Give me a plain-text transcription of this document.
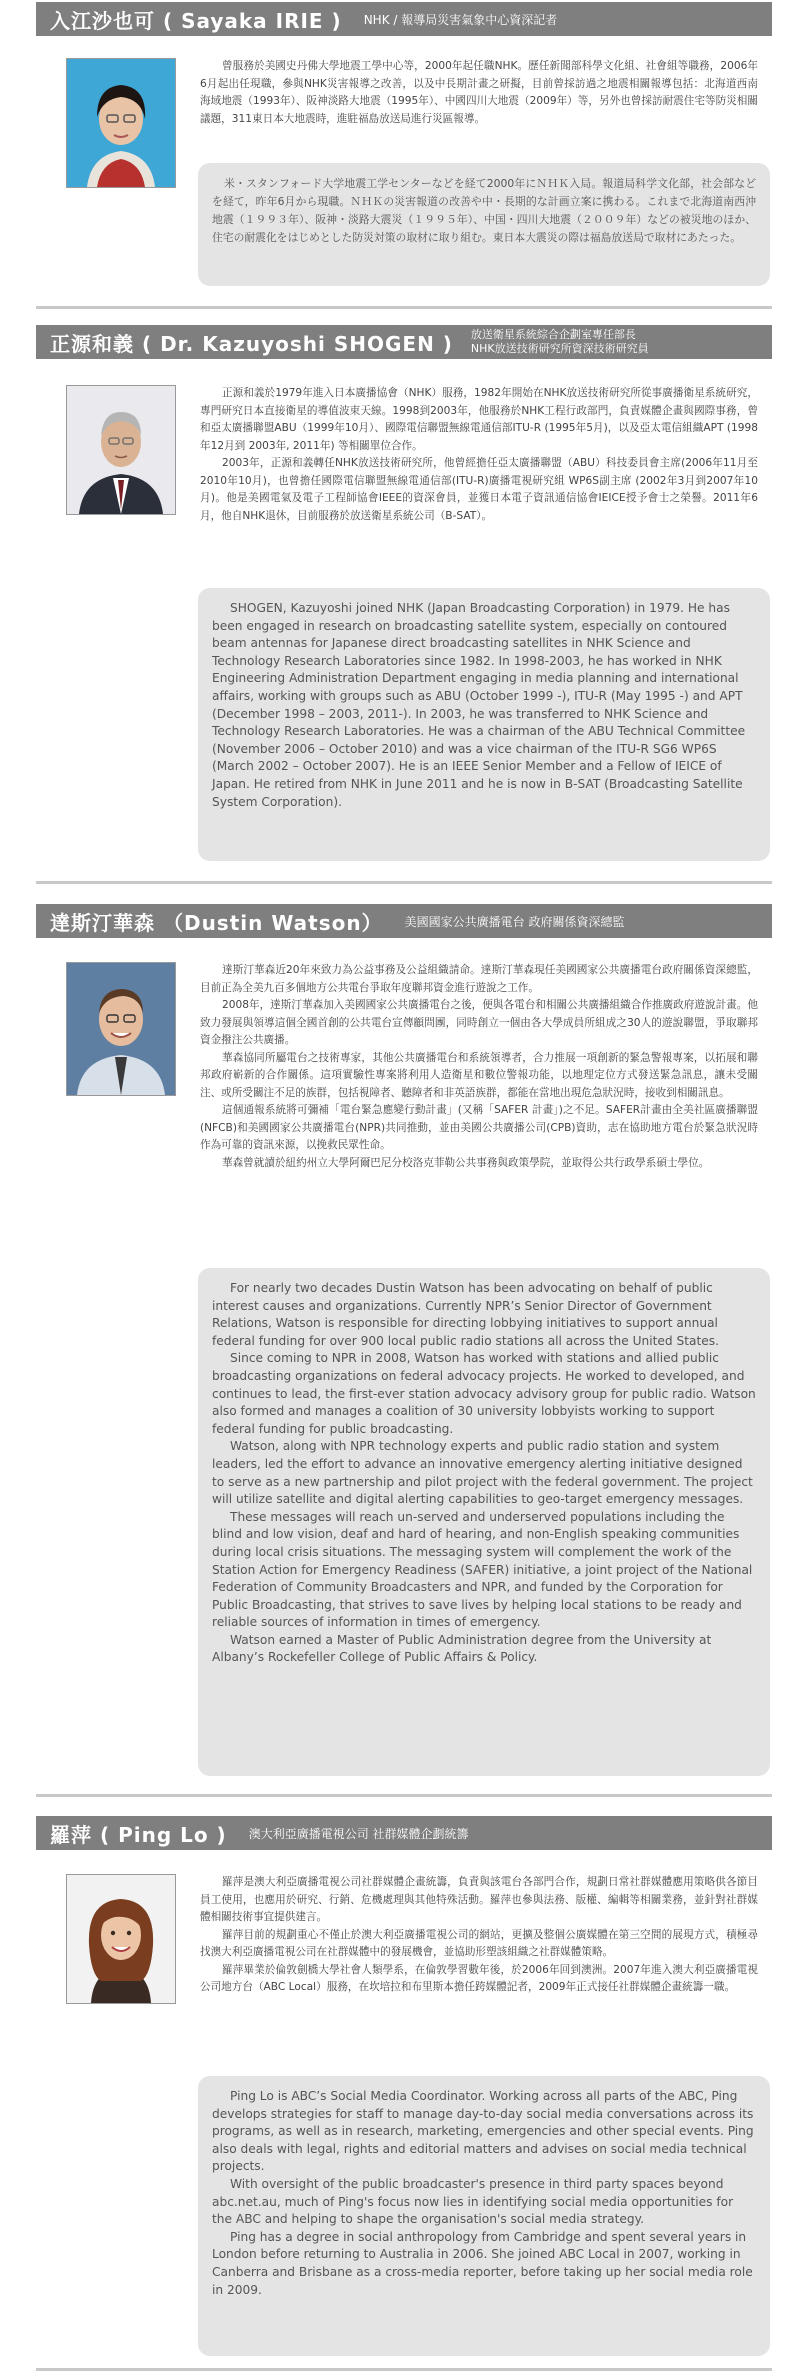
入江沙也可 ( Sayaka IRIE ) NHK / 報導局災害氣象中心資深記者

曾服務於美國史丹佛大學地震工學中心等，2000年起任職NHK。歷任新聞部科學文化組、社會組等職務，2006年6月起出任現職，參與NHK災害報導之改善，以及中長期計畫之研擬，目前曾採訪過之地震相關報導包括：北海道西南海域地震（1993年）、阪神淡路大地震（1995年）、中國四川大地震（2009年）等，另外也曾採訪耐震住宅等防災相關議題，311東日本大地震時，進駐福島放送局進行災區報導。

米・スタンフォード大学地震工学センターなどを経て2000年にＮＨＫ入局。報道局科学文化部，社会部などを経て，昨年6月から現職。ＮＨＫの災害報道の改善や中・長期的な計画立案に携わる。これまで北海道南西沖地震（１９９３年）、阪神・淡路大震災（１９９５年）、中国・四川大地震（２００９年）などの被災地のほか、住宅の耐震化をはじめとした防災対策の取材に取り組む。東日本大震災の際は福島放送局で取材にあたった。

正源和義 ( Dr. Kazuyoshi SHOGEN ) 放送衛星系統綜合企劃室專任部長
NHK放送技術研究所資深技術研究員

正源和義於1979年進入日本廣播協會（NHK）服務，1982年開始在NHK放送技術研究所從事廣播衛星系統研究，專門研究日本直接衛星的導值波束天線。1998到2003年，他服務於NHK工程行政部門，負責媒體企畫與國際事務，曾和亞太廣播聯盟ABU（1999年10月）、國際電信聯盟無線電通信部ITU-R (1995年5月)，以及亞太電信組織APT (1998年12月到 2003年, 2011年) 等相關單位合作。

2003年，正源和義轉任NHK放送技術研究所，他曾經擔任亞太廣播聯盟（ABU）科技委員會主席(2006年11月至2010年10月)，也曾擔任國際電信聯盟無線電通信部(ITU-R)廣播電視研究組 WP6S副主席 (2002年3月到2007年10月)。他是美國電氣及電子工程師協會IEEE的資深會員，並獲日本電子資訊通信協會IEICE授予會士之榮譽。2011年6月，他自NHK退休，目前服務於放送衛星系統公司（B-SAT）。

SHOGEN, Kazuyoshi joined NHK (Japan Broadcasting Corporation) in 1979. He has been engaged in research on broadcasting satellite system, especially on contoured beam antennas for Japanese direct broadcasting satellites in NHK Science and Technology Research Laboratories since 1982. In 1998-2003, he has worked in NHK Engineering Administration Department engaging in media planning and international affairs, working with groups such as ABU (October 1999 -), ITU-R (May 1995 -) and APT (December 1998 – 2003, 2011-). In 2003, he was transferred to NHK Science and Technology Research Laboratories. He was a chairman of the ABU Technical Committee (November 2006 – October 2010) and was a vice chairman of the ITU-R SG6 WP6S (March 2002 – October 2007). He is an IEEE Senior Member and a Fellow of IEICE of Japan. He retired from NHK in June 2011 and he is now in B-SAT (Broadcasting Satellite System Corporation).

達斯汀華森 （Dustin Watson） 美國國家公共廣播電台 政府關係資深總監

達斯汀華森近20年來致力為公益事務及公益組織請命。達斯汀華森現任美國國家公共廣播電台政府關係資深總監，目前正為全美九百多個地方公共電台爭取年度聯邦資金進行遊說之工作。

2008年，達斯汀華森加入美國國家公共廣播電台之後，便與各電台和相關公共廣播組織合作推廣政府遊說計畫。他致力發展與領導這個全國首創的公共電台宣傳顧問團，同時創立一個由各大學成員所組成之30人的遊說聯盟，爭取聯邦資金撥注公共廣播。

華森協同所屬電台之技術專家，其他公共廣播電台和系統領導者，合力推展一項創新的緊急警報專案，以拓展和聯邦政府嶄新的合作關係。這項實驗性專案將利用人造衛星和數位警報功能，以地理定位方式發送緊急訊息，讓未受關注、或所受關注不足的族群，包括視障者、聽障者和非英語族群，都能在當地出現危急狀況時，接收到相關訊息。

這個通報系統將可彌補「電台緊急應變行動計畫」(又稱「SAFER 計畫」)之不足。SAFER計畫由全美社區廣播聯盟(NFCB)和美國國家公共廣播電台(NPR)共同推動，並由美國公共廣播公司(CPB)資助，志在協助地方電台於緊急狀況時作為可靠的資訊來源，以挽救民眾性命。

華森曾就讀於紐約州立大學阿爾巴尼分校洛克菲勒公共事務與政策學院，並取得公共行政學系碩士學位。

For nearly two decades Dustin Watson has been advocating on behalf of public interest causes and organizations. Currently NPR’s Senior Director of Government Relations, Watson is responsible for directing lobbying initiatives to support annual federal funding for over 900 local public radio stations all across the United States.

Since coming to NPR in 2008, Watson has worked with stations and allied public broadcasting organizations on federal advocacy projects. He worked to developed, and continues to lead, the first-ever station advocacy advisory group for public radio. Watson also formed and manages a coalition of 30 university lobbyists working to support federal funding for public broadcasting.

Watson, along with NPR technology experts and public radio station and system leaders, led the effort to advance an innovative emergency alerting initiative designed to serve as a new partnership and pilot project with the federal government. The project will utilize satellite and digital alerting capabilities to geo-target emergency messages.

These messages will reach un-served and underserved populations including the blind and low vision, deaf and hard of hearing, and non-English speaking communities during local crisis situations. The messaging system will complement the work of the Station Action for Emergency Readiness (SAFER) initiative, a joint project of the National Federation of Community Broadcasters and NPR, and funded by the Corporation for Public Broadcasting, that strives to save lives by helping local stations to be ready and reliable sources of information in times of emergency.

Watson earned a Master of Public Administration degree from the University at Albany’s Rockefeller College of Public Affairs & Policy.

羅萍 ( Ping Lo ) 澳大利亞廣播電視公司 社群媒體企劃統籌

羅萍是澳大利亞廣播電視公司社群媒體企畫統籌，負責與該電台各部門合作，規劃日常社群媒體應用策略供各節目員工使用，也應用於研究、行銷、危機處理與其他特殊活動。羅萍也參與法務、版權、編輯等相關業務，並針對社群媒體相關技術事宜提供建言。

羅萍目前的規劃重心不僅止於澳大利亞廣播電視公司的網站，更擴及整個公廣媒體在第三空間的展現方式，積極尋找澳大利亞廣播電視公司在社群媒體中的發展機會，並協助形塑該組織之社群媒體策略。

羅萍畢業於倫敦劍橋大學社會人類學系，在倫敦學習數年後，於2006年回到澳洲。2007年進入澳大利亞廣播電視公司地方台（ABC Local）服務，在坎培拉和布里斯本擔任跨媒體記者，2009年正式接任社群媒體企畫統籌一職。

Ping Lo is ABC’s Social Media Coordinator. Working across all parts of the ABC, Ping develops strategies for staff to manage day-to-day social media conversations across its programs, as well as in research, marketing, emergencies and other special events. Ping also deals with legal, rights and editorial matters and advises on social media technical projects.

With oversight of the public broadcaster's presence in third party spaces beyond abc.net.au, much of Ping's focus now lies in identifying social media opportunities for the ABC and helping to shape the organisation's social media strategy.

Ping has a degree in social anthropology from Cambridge and spent several years in London before returning to Australia in 2006. She joined ABC Local in 2007, working in Canberra and Brisbane as a cross-media reporter, before taking up her social media role in 2009.
